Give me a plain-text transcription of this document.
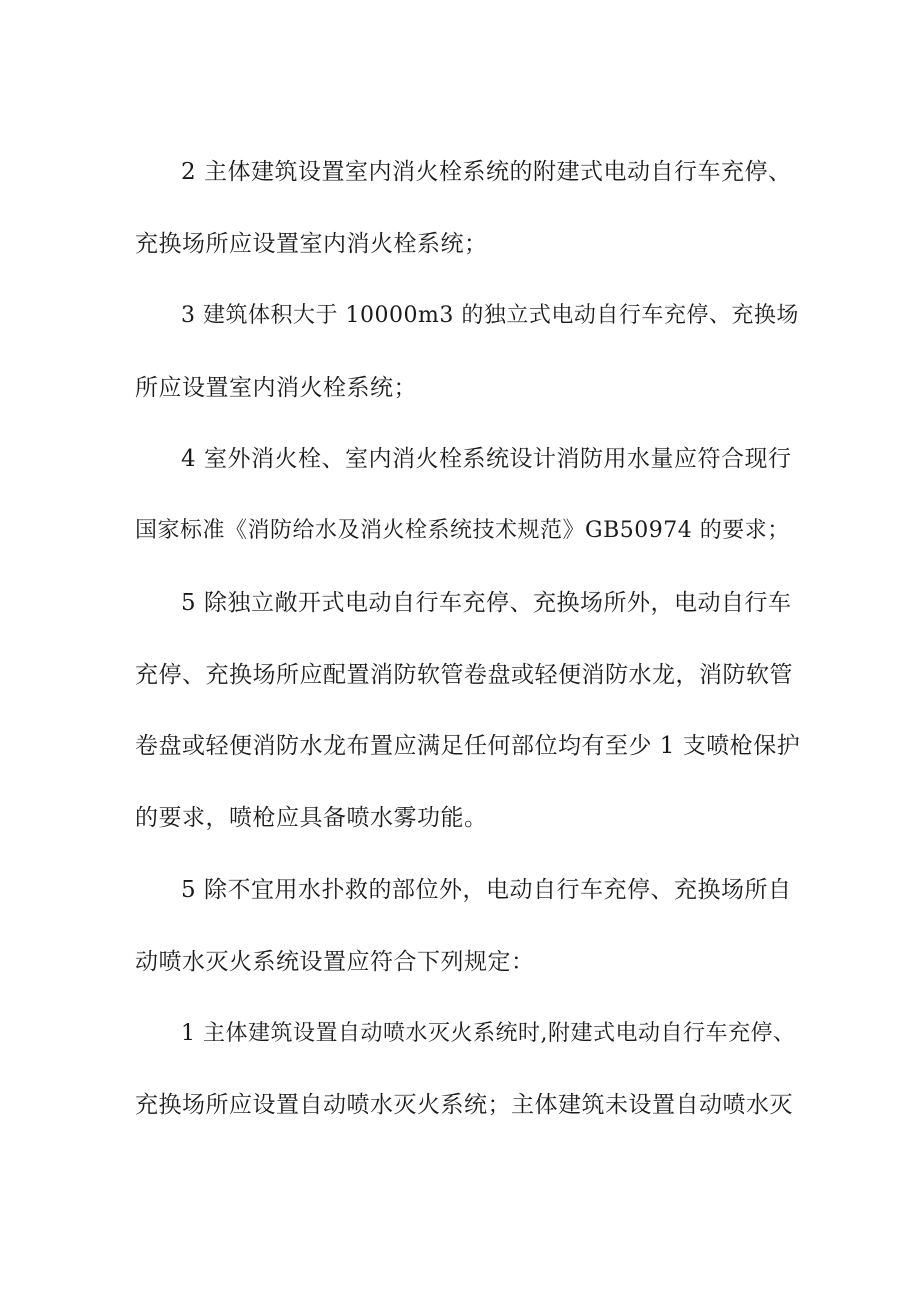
2 主体建筑设置室内消火栓系统的附建式电动自行车充停、
充换场所应设置室内消火栓系统；
3 建筑体积大于 10000m3 的独立式电动自行车充停、充换场
所应设置室内消火栓系统；
4 室外消火栓、室内消火栓系统设计消防用水量应符合现行
国家标准《消防给水及消火栓系统技术规范》GB50974 的要求；
5 除独立敞开式电动自行车充停、充换场所外，电动自行车
充停、充换场所应配置消防软管卷盘或轻便消防水龙，消防软管
卷盘或轻便消防水龙布置应满足任何部位均有至少 1 支喷枪保护
的要求，喷枪应具备喷水雾功能。
5 除不宜用水扑救的部位外，电动自行车充停、充换场所自
动喷水灭火系统设置应符合下列规定：
1 主体建筑设置自动喷水灭火系统时,附建式电动自行车充停、
充换场所应设置自动喷水灭火系统；主体建筑未设置自动喷水灭
